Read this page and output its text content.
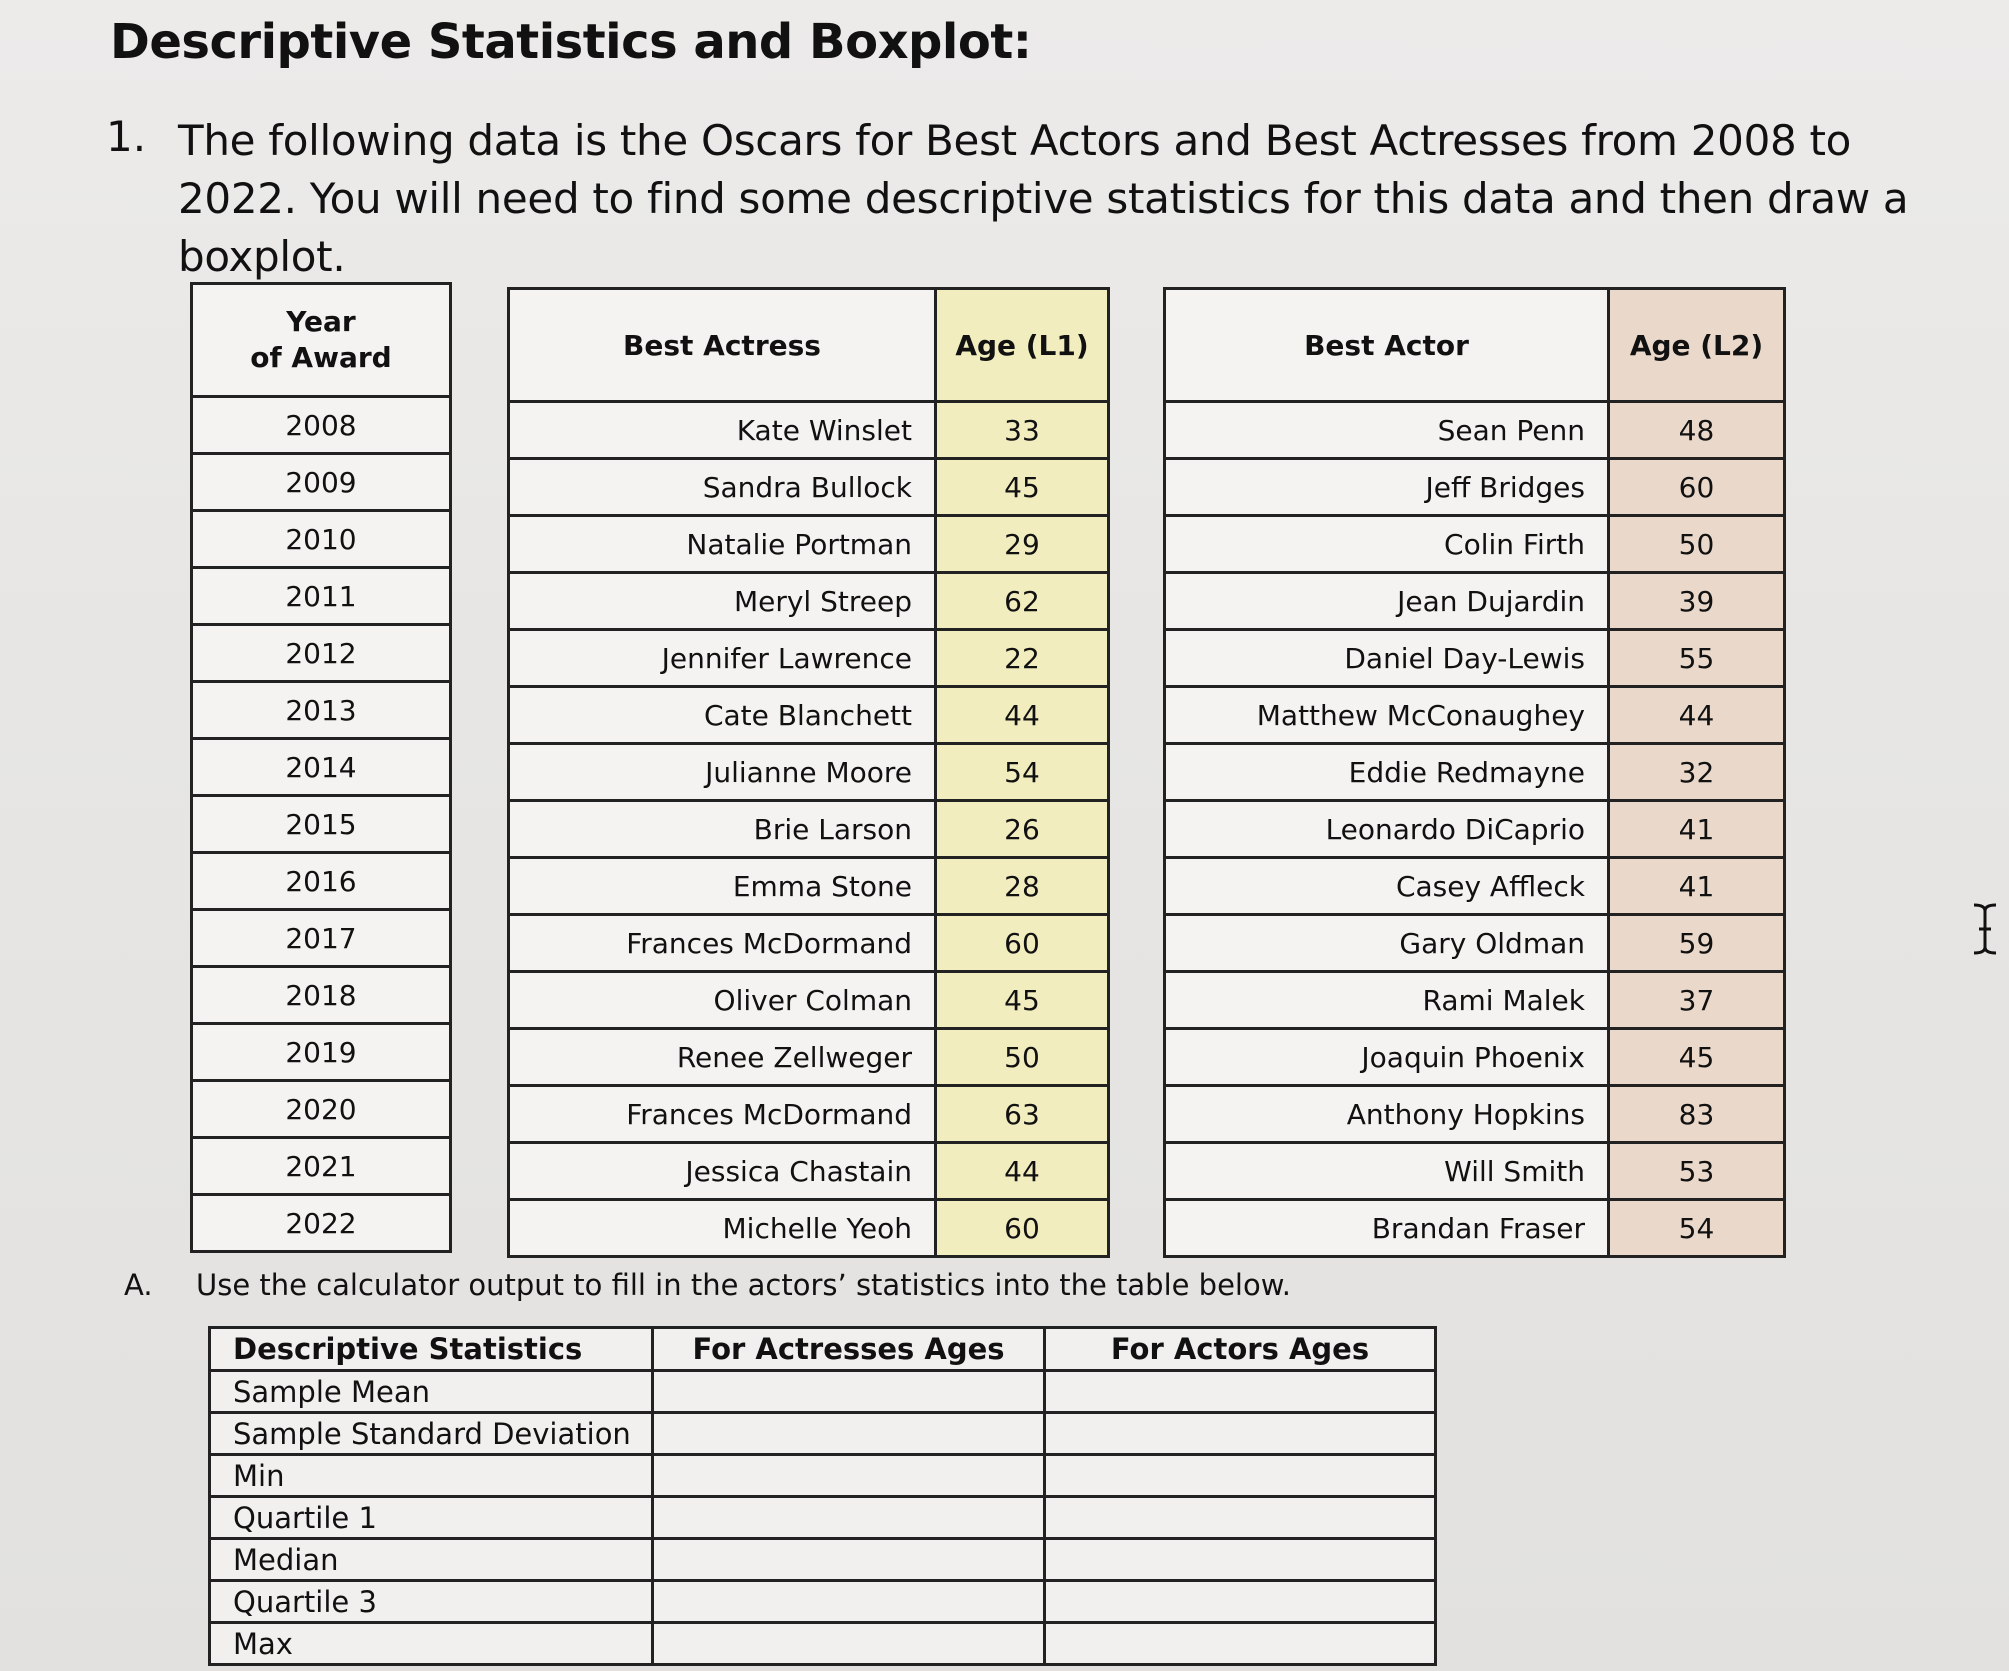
Descriptive Statistics and Boxplot:
1. The following data is the Oscars for Best Actors and Best Actresses from 2008 to 2022. You will need to find some descriptive statistics for this data and then draw a boxplot.
Year
of Award
2008
2009
2010
2011
2012
2013
2014
2015
2016
2017
2018
2019
2020
2021
2022
Best Actress	Age (L1)
Kate Winslet	33
Sandra Bullock	45
Natalie Portman	29
Meryl Streep	62
Jennifer Lawrence	22
Cate Blanchett	44
Julianne Moore	54
Brie Larson	26
Emma Stone	28
Frances McDormand	60
Oliver Colman	45
Renee Zellweger	50
Frances McDormand	63
Jessica Chastain	44
Michelle Yeoh	60
Best Actor	Age (L2)
Sean Penn	48
Jeff Bridges	60
Colin Firth	50
Jean Dujardin	39
Daniel Day-Lewis	55
Matthew McConaughey	44
Eddie Redmayne	32
Leonardo DiCaprio	41
Casey Affleck	41
Gary Oldman	59
Rami Malek	37
Joaquin Phoenix	45
Anthony Hopkins	83
Will Smith	53
Brandan Fraser	54
A. Use the calculator output to fill in the actors’ statistics into the table below.
Descriptive Statistics	For Actresses Ages	For Actors Ages
Sample Mean		
Sample Standard Deviation		
Min		
Quartile 1		
Median		
Quartile 3		
Max		
